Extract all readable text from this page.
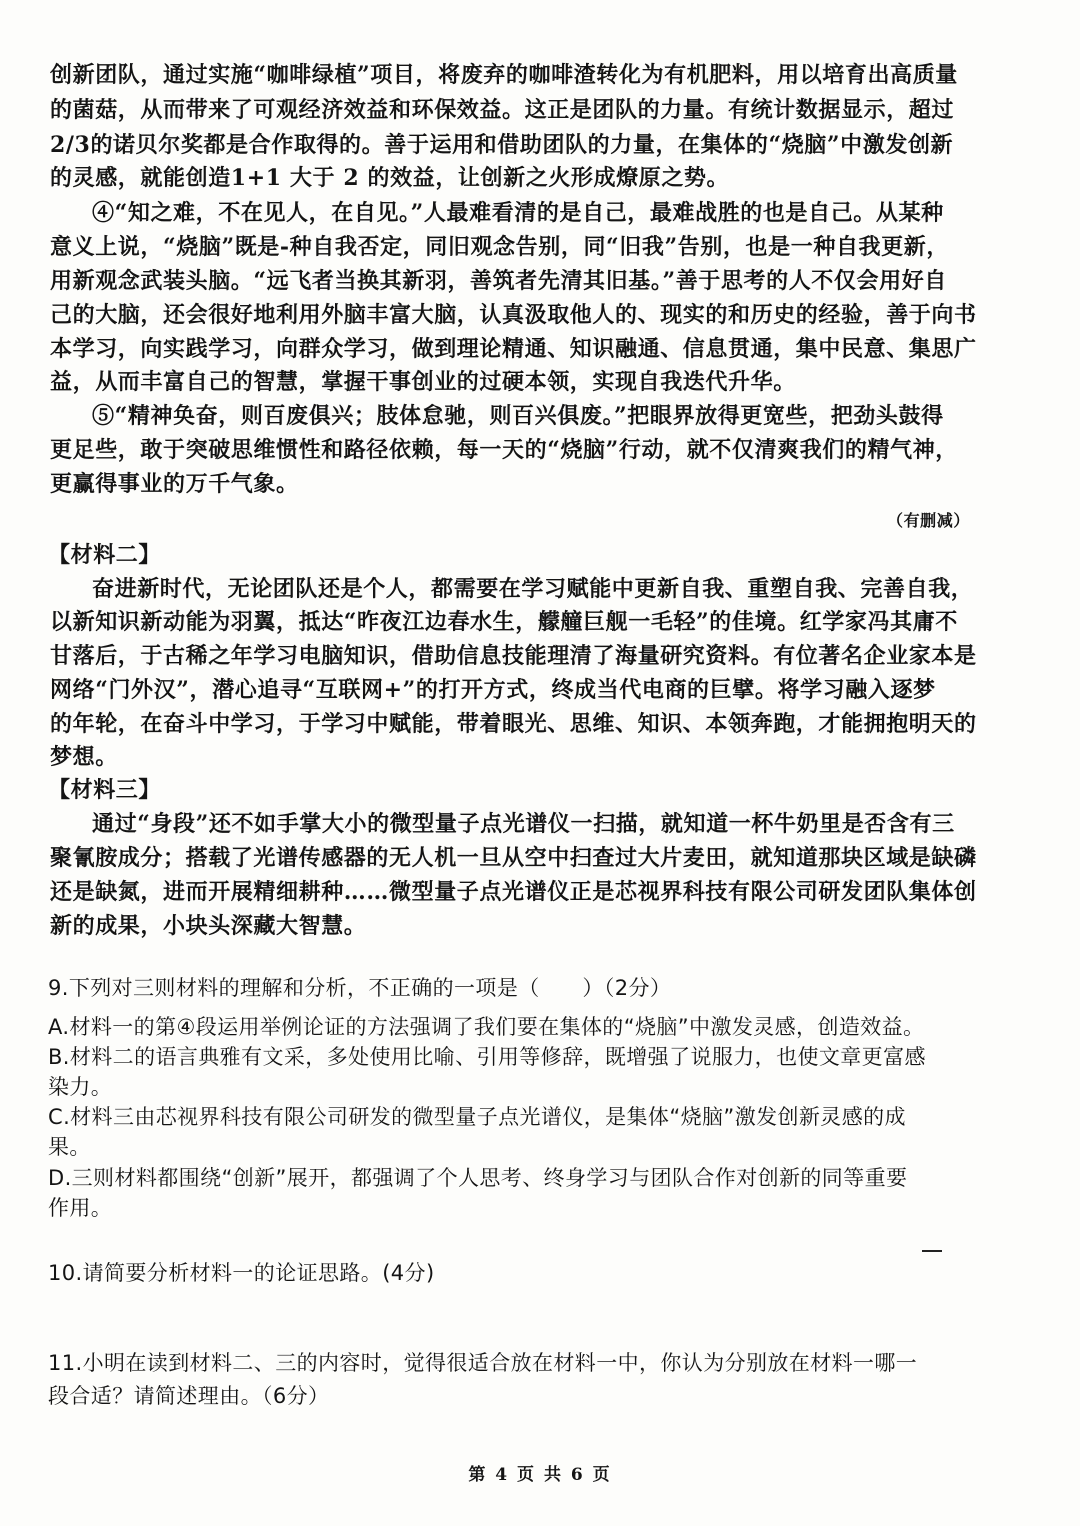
创新团队，通过实施“咖啡绿植”项目，将废弃的咖啡渣转化为有机肥料，用以培育出高质量
的菌菇，从而带来了可观经济效益和环保效益。这正是团队的力量。有统计数据显示，超过
2/3的诺贝尔奖都是合作取得的。善于运用和借助团队的力量，在集体的“烧脑”中激发创新
的灵感，就能创造1+1 大于 2 的效益，让创新之火形成燎原之势。
④“知之难，不在见人，在自见。”人最难看清的是自己，最难战胜的也是自己。从某种
意义上说，“烧脑”既是-种自我否定，同旧观念告别，同“旧我”告别，也是一种自我更新，
用新观念武装头脑。“远飞者当换其新羽，善筑者先清其旧基。”善于思考的人不仅会用好自
己的大脑，还会很好地利用外脑丰富大脑，认真汲取他人的、现实的和历史的经验，善于向书
本学习，向实践学习，向群众学习，做到理论精通、知识融通、信息贯通，集中民意、集思广
益，从而丰富自己的智慧，掌握干事创业的过硬本领，实现自我迭代升华。
⑤“精神奂奋，则百废俱兴；肢体怠驰，则百兴俱废。”把眼界放得更宽些，把劲头鼓得
更足些，敢于突破思维惯性和路径依赖，每一天的“烧脑”行动，就不仅清爽我们的精气神，
更赢得事业的万千气象。
（有删减）
【材料二】
奋进新时代，无论团队还是个人，都需要在学习赋能中更新自我、重塑自我、完善自我，
以新知识新动能为羽翼，抵达“昨夜江边春水生，艨艟巨舰一毛轻”的佳境。红学家冯其庸不
甘落后，于古稀之年学习电脑知识，借助信息技能理清了海量研究资料。有位著名企业家本是
网络“门外汉”，潜心追寻“互联网+”的打开方式，终成当代电商的巨擘。将学习融入逐梦
的年轮，在奋斗中学习，于学习中赋能，带着眼光、思维、知识、本领奔跑，才能拥抱明天的
梦想。
【材料三】
通过“身段”还不如手掌大小的微型量子点光谱仪一扫描，就知道一杯牛奶里是否含有三
聚氰胺成分；搭载了光谱传感器的无人机一旦从空中扫查过大片麦田，就知道那块区域是缺磷
还是缺氮，进而开展精细耕种……微型量子点光谱仪正是芯视界科技有限公司研发团队集体创
新的成果，小块头深藏大智慧。
9.下列对三则材料的理解和分析，不正确的一项是（　　）（2分）
A.材料一的第④段运用举例论证的方法强调了我们要在集体的“烧脑”中激发灵感，创造效益。
B.材料二的语言典雅有文采，多处使用比喻、引用等修辞，既增强了说服力，也使文章更富感
染力。
C.材料三由芯视界科技有限公司研发的微型量子点光谱仪，是集体“烧脑”激发创新灵感的成
果。
D.三则材料都围绕“创新”展开，都强调了个人思考、终身学习与团队合作对创新的同等重要
作用。
10.请简要分析材料一的论证思路。(4分)
11.小明在读到材料二、三的内容时，觉得很适合放在材料一中，你认为分别放在材料一哪一
段合适？请简述理由。（6分）
第 4 页 共 6 页
